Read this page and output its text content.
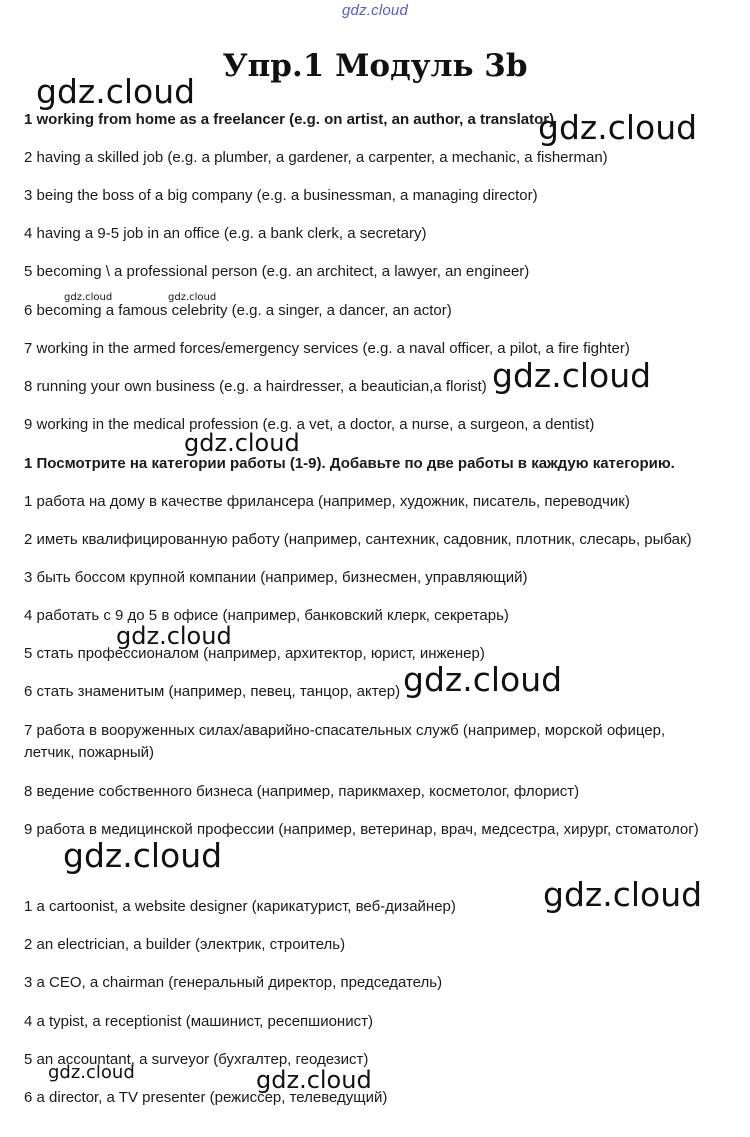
gdz.cloud
Упр.1 Модуль 3b
1 working from home as a freelancer (e.g. on artist, an author, a translator)
2 having a skilled job (e.g. a plumber, a gardener, a carpenter, a mechanic, a fisherman)
3 being the boss of a big company (e.g. a businessman, a managing director)
4 having a 9-5 job in an office (e.g. a bank clerk, a secretary)
5 becoming \ a professional person (e.g. an architect, a lawyer, an engineer)
6 becoming a famous celebrity (e.g. a singer, a dancer, an actor)
7 working in the armed forces/emergency services (e.g. a naval officer, a pilot, a fire fighter)
8 running your own business (e.g. a hairdresser, a beautician,a florist)
9 working in the medical profession (e.g. a vet, a doctor, a nurse, a surgeon, a dentist)
1 Посмотрите на категории работы (1-9). Добавьте по две работы в каждую категорию.
1 работа на дому в качестве фрилансера (например, художник, писатель, переводчик)
2 иметь квалифицированную работу (например, сантехник, садовник, плотник, слесарь, рыбак)
3 быть боссом крупной компании (например, бизнесмен, управляющий)
4 работать с 9 до 5 в офисе (например, банковский клерк, секретарь)
5 стать профессионалом (например, архитектор, юрист, инженер)
6 стать знаменитым (например, певец, танцор, актер)
7 работа в вооруженных силах/аварийно-спасательных служб (например, морской офицер,
летчик, пожарный)
8 ведение собственного бизнеса (например, парикмахер, косметолог, флорист)
9 работа в медицинской профессии (например, ветеринар, врач, медсестра, хирург, стоматолог)
1 a cartoonist, a website designer (карикатурист, веб-дизайнер)
2 an electrician, a builder (электрик, строитель)
3 a CEO, a chairman (генеральный директор, председатель)
4 a typist, a receptionist (машинист, ресепшионист)
5 an accountant, a surveyor (бухгалтер, геодезист)
6 a director, a TV presenter (режиссер, телеведущий)
gdz.cloud
gdz.cloud
gdz.cloud	gdz.cloud
gdz.cloud
gdz.cloud
gdz.cloud
gdz.cloud
gdz.cloud
gdz.cloud
gdz.cloud	gdz.cloud
